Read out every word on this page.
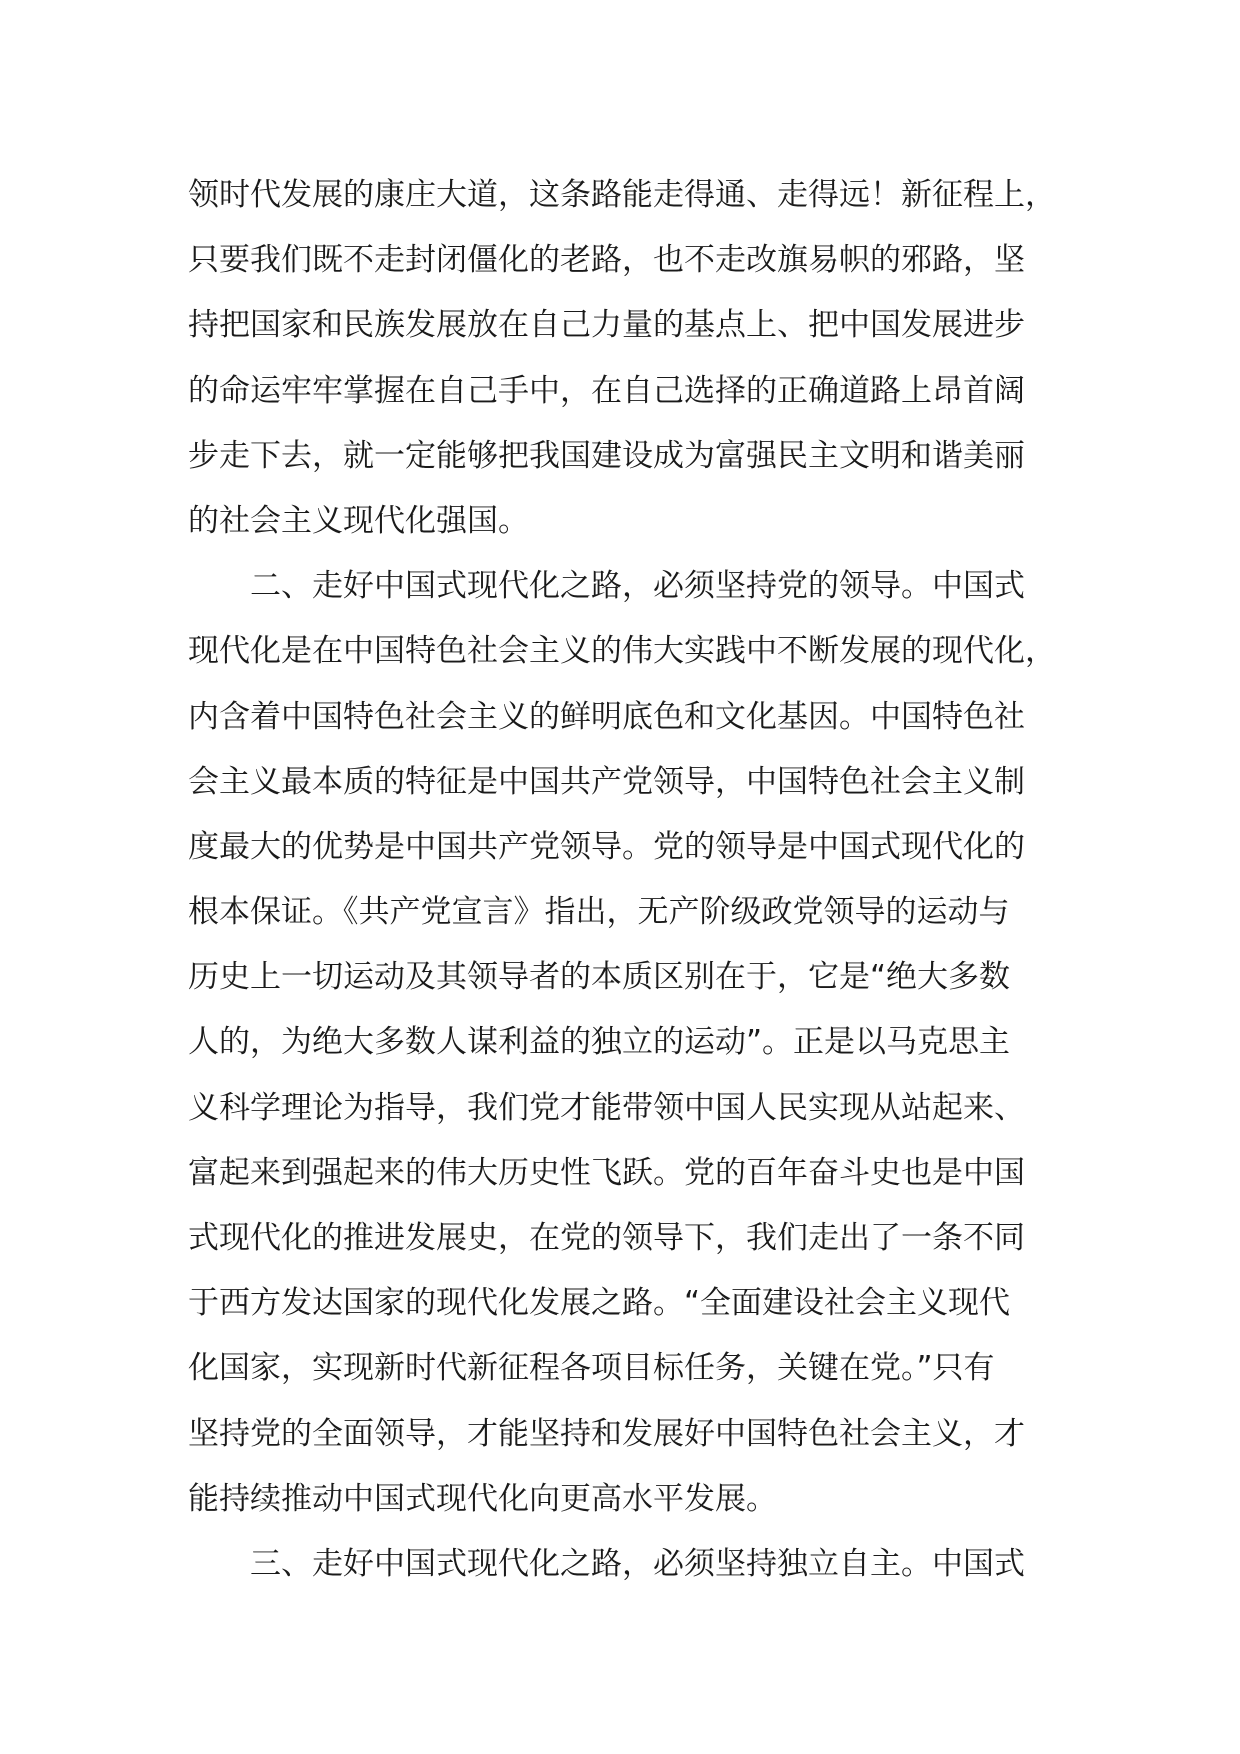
领时代发展的康庄大道，这条路能走得通、走得远！新征程上，
只要我们既不走封闭僵化的老路，也不走改旗易帜的邪路，坚
持把国家和民族发展放在自己力量的基点上、把中国发展进步
的命运牢牢掌握在自己手中，在自己选择的正确道路上昂首阔
步走下去，就一定能够把我国建设成为富强民主文明和谐美丽
的社会主义现代化强国。
　　二、走好中国式现代化之路，必须坚持党的领导。中国式
现代化是在中国特色社会主义的伟大实践中不断发展的现代化，
内含着中国特色社会主义的鲜明底色和文化基因。中国特色社
会主义最本质的特征是中国共产党领导，中国特色社会主义制
度最大的优势是中国共产党领导。党的领导是中国式现代化的
根本保证。《共产党宣言》指出，无产阶级政党领导的运动与
历史上一切运动及其领导者的本质区别在于，它是“绝大多数
人的，为绝大多数人谋利益的独立的运动”。正是以马克思主
义科学理论为指导，我们党才能带领中国人民实现从站起来、
富起来到强起来的伟大历史性飞跃。党的百年奋斗史也是中国
式现代化的推进发展史，在党的领导下，我们走出了一条不同
于西方发达国家的现代化发展之路。“全面建设社会主义现代
化国家，实现新时代新征程各项目标任务，关键在党。”只有
坚持党的全面领导，才能坚持和发展好中国特色社会主义，才
能持续推动中国式现代化向更高水平发展。
　　三、走好中国式现代化之路，必须坚持独立自主。中国式
